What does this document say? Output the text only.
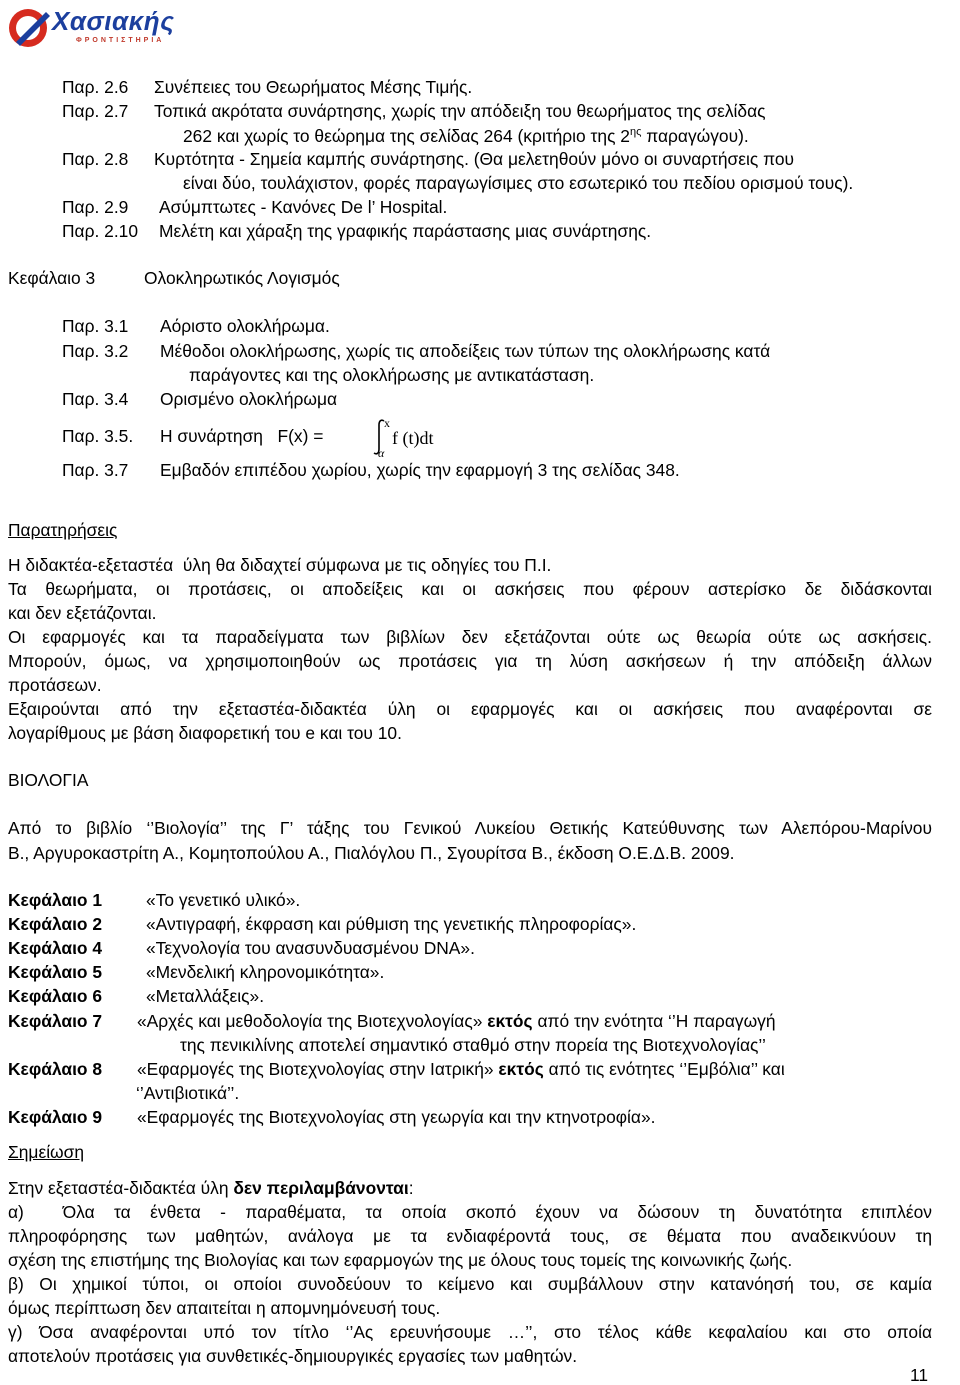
Χασιακής
ΦΡΟΝΤΙΣΤΗΡΙΑ
Παρ. 2.6 Συνέπειες του Θεωρήματος Μέσης Τιμής.
Παρ. 2.7 Τοπικά ακρότατα συνάρτησης, χωρίς την απόδειξη του θεωρήματος της σελίδας
262 και χωρίς το θεώρημα της σελίδας 264 (κριτήριο της $2^{\eta\varsigma}$ παραγώγου).
Παρ. 2.8 Κυρτότητα - Σημεία καμπής συνάρτησης. (Θα μελετηθούν μόνο οι συναρτήσεις που
είναι δύο, τουλάχιστον, φορές παραγωγίσιμες στο εσωτερικό του πεδίου ορισμού τους).
Παρ. 2.9 Ασύμπτωτες - Κανόνες De l’ Hospital.
Παρ. 2.10 Μελέτη και χάραξη της γραφικής παράστασης μιας συνάρτησης.
Κεφάλαιο 3	Ολοκληρωτικός Λογισμός
Παρ. 3.1 Αόριστο ολοκλήρωμα.
Παρ. 3.2 Μέθοδοι ολοκλήρωσης, χωρίς τις αποδείξεις των τύπων της ολοκλήρωσης κατά
παράγοντες και της ολοκλήρωσης με αντικατάσταση.
Παρ. 3.4 Ορισμένο ολοκλήρωμα
Παρ. 3.5. Η συνάρτηση   F(x) =
x
α
f (t)dt
Παρ. 3.7 Εμβαδόν επιπέδου χωρίου, χωρίς την εφαρμογή 3 της σελίδας 348.
Παρατηρήσεις
Η διδακτέα-εξεταστέα  ύλη θα διδαχτεί σύμφωνα με τις οδηγίες του Π.Ι.
Τα θεωρήματα, οι προτάσεις, οι αποδείξεις και οι ασκήσεις που φέρουν αστερίσκο δε διδάσκονται
και δεν εξετάζονται.
Οι εφαρμογές και τα παραδείγματα των βιβλίων δεν εξετάζονται ούτε ως θεωρία ούτε ως ασκήσεις.
Μπορούν, όμως, να χρησιμοποιηθούν ως προτάσεις για τη λύση ασκήσεων ή την απόδειξη άλλων
προτάσεων.
Εξαιρούνται από την εξεταστέα-διδακτέα ύλη οι εφαρμογές και οι ασκήσεις που αναφέρονται σε
λογαρίθμους με βάση διαφορετική του e και του 10.
ΒΙΟΛΟΓΙΑ
Από το βιβλίο ‘’Βιολογία’’ της Γ’ τάξης του Γενικού Λυκείου Θετικής Κατεύθυνσης των Αλεπόρου-Μαρίνου
Β., Αργυροκαστρίτη Α., Κομητοπούλου Α., Πιαλόγλου Π., Σγουρίτσα Β., έκδοση Ο.Ε.Δ.Β. 2009.
Κεφάλαιο 1	«Το γενετικό υλικό».
Κεφάλαιο 2	«Αντιγραφή, έκφραση και ρύθμιση της γενετικής πληροφορίας».
Κεφάλαιο 4	«Τεχνολογία του ανασυνδυασμένου DNA».
Κεφάλαιο 5	«Μενδελική κληρονομικότητα».
Κεφάλαιο 6	«Μεταλλάξεις».
Κεφάλαιο 7 «Αρχές και μεθοδολογία της Βιοτεχνολογίας» εκτός από την ενότητα ‘’Η παραγωγή
της πενικιλίνης αποτελεί σημαντικό σταθμό στην πορεία της Βιοτεχνολογίας’’
Κεφάλαιο 8 «Εφαρμογές της Βιοτεχνολογίας στην Ιατρική» εκτός από τις ενότητες ‘’Εμβόλια’’ και
‘’Αντιβιοτικά’’.
Κεφάλαιο 9 «Εφαρμογές της Βιοτεχνολογίας στη γεωργία και την κτηνοτροφία».
Σημείωση
Στην εξεταστέα-διδακτέα ύλη δεν περιλαμβάνονται:
α)  Όλα τα ένθετα - παραθέματα, τα οποία σκοπό έχουν να δώσουν τη δυνατότητα επιπλέον
πληροφόρησης των μαθητών, ανάλογα με τα ενδιαφέροντά τους, σε θέματα που αναδεικνύουν τη
σχέση της επιστήμης της Βιολογίας και των εφαρμογών της με όλους τους τομείς της κοινωνικής ζωής.
β) Οι χημικοί τύποι, οι οποίοι συνοδεύουν το κείμενο και συμβάλλουν στην κατανόησή του, σε καμία
όμως περίπτωση δεν απαιτείται η απομνημόνευσή τους.
γ) Όσα αναφέρονται υπό τον τίτλο ‘’Ας ερευνήσουμε …’’, στο τέλος κάθε κεφαλαίου και στο οποία
αποτελούν προτάσεις για συνθετικές-δημιουργικές εργασίες των μαθητών.
11
